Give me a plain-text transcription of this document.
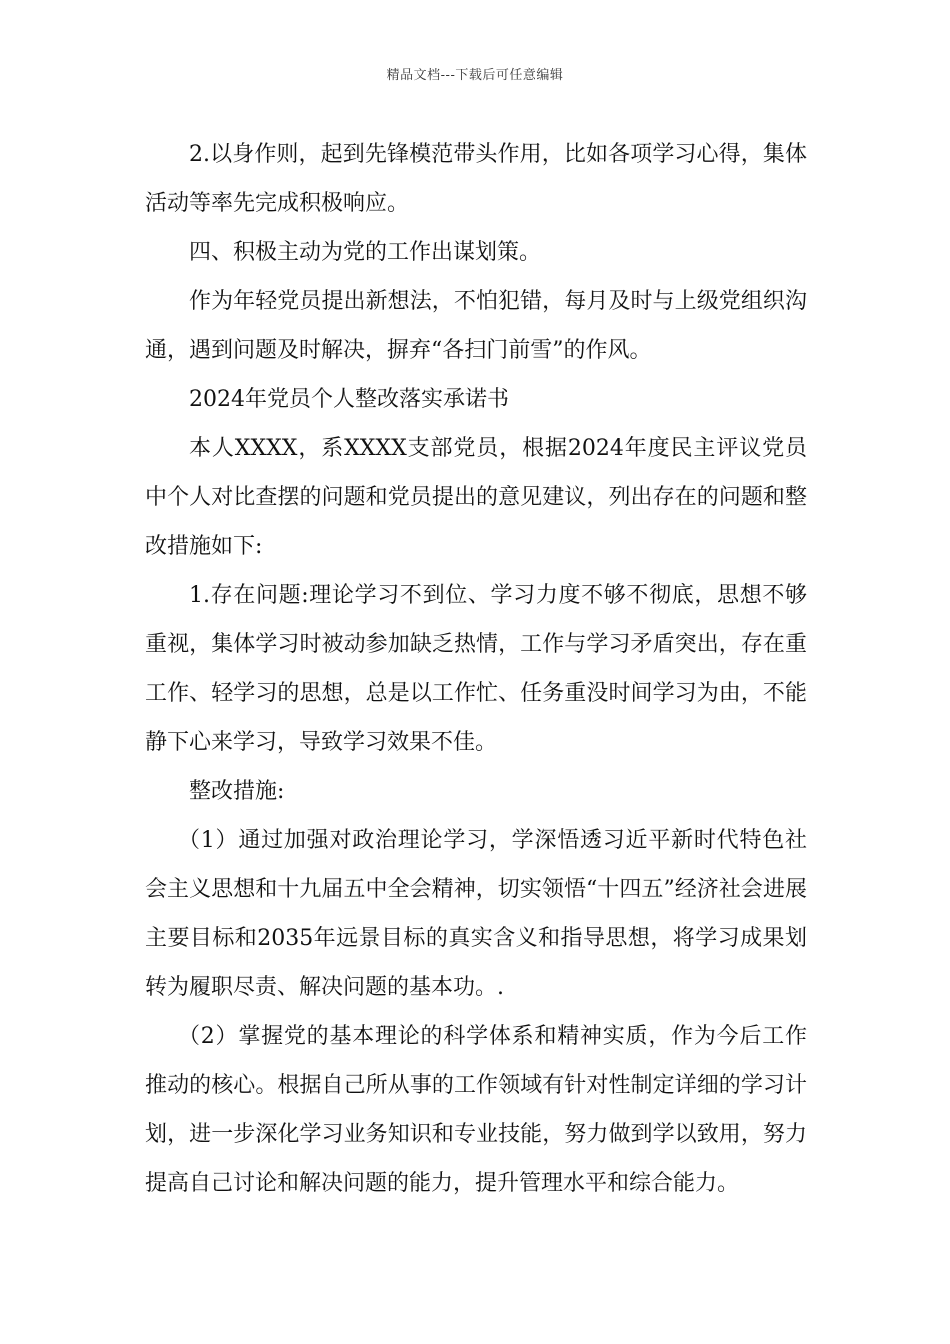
精品文档---下载后可任意编辑

2.以身作则，起到先锋模范带头作用，比如各项学习心得，集体活动等率先完成积极响应。

四、积极主动为党的工作出谋划策。

作为年轻党员提出新想法，不怕犯错，每月及时与上级党组织沟通，遇到问题及时解决，摒弃“各扫门前雪”的作风。

2024年党员个人整改落实承诺书

本人XXXX，系XXXX支部党员，根据2024年度民主评议党员中个人对比查摆的问题和党员提出的意见建议，列出存在的问题和整改措施如下:

1.存在问题:理论学习不到位、学习力度不够不彻底，思想不够重视，集体学习时被动参加缺乏热情，工作与学习矛盾突出，存在重工作、轻学习的思想，总是以工作忙、任务重没时间学习为由，不能静下心来学习，导致学习效果不佳。

整改措施:

（1）通过加强对政治理论学习，学深悟透习近平新时代特色社会主义思想和十九届五中全会精神，切实领悟“十四五”经济社会进展主要目标和2035年远景目标的真实含义和指导思想，将学习成果划转为履职尽责、解决问题的基本功。.

（2）掌握党的基本理论的科学体系和精神实质，作为今后工作推动的核心。根据自己所从事的工作领域有针对性制定详细的学习计划，进一步深化学习业务知识和专业技能，努力做到学以致用，努力提高自己讨论和解决问题的能力，提升管理水平和综合能力。
